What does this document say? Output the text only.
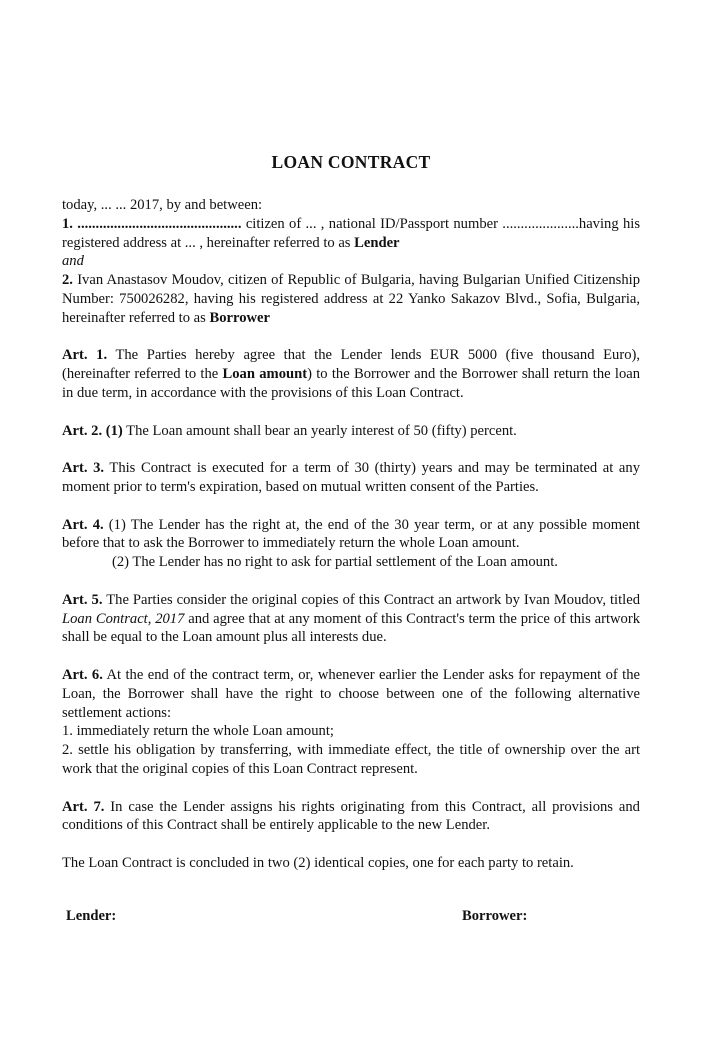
LOAN CONTRACT

today, ... ... 2017, by and between:

1. ............................................. citizen of ... , national ID/Passport number .....................having his registered address at ... , hereinafter referred to as Lender

and

2. Ivan Anastasov Moudov, citizen of Republic of Bulgaria, having Bulgarian Unified Citizenship Number: 750026282, having his registered address at 22 Yanko Sakazov Blvd., Sofia, Bulgaria, hereinafter referred to as Borrower

Art. 1. The Parties hereby agree that the Lender lends EUR 5000 (five thousand Euro), (hereinafter referred to the Loan amount) to the Borrower and the Borrower shall return the loan in due term, in accordance with the provisions of this Loan Contract.

Art. 2. (1) The Loan amount shall bear an yearly interest of 50 (fifty) percent.

Art. 3. This Contract is executed for a term of 30 (thirty) years and may be terminated at any moment prior to term's expiration, based on mutual written consent of the Parties.

Art. 4. (1) The Lender has the right at, the end of the 30 year term, or at any possible moment before that to ask the Borrower to immediately return the whole Loan amount.

(2) The Lender has no right to ask for partial settlement of the Loan amount.

Art. 5. The Parties consider the original copies of this Contract an artwork by Ivan Moudov, titled Loan Contract, 2017 and agree that at any moment of this Contract's term the price of this artwork shall be equal to the Loan amount plus all interests due.

Art. 6. At the end of the contract term, or, whenever earlier the Lender asks for repayment of the Loan, the Borrower shall have the right to choose between one of the following alternative settlement actions:

1. immediately return the whole Loan amount;

2. settle his obligation by transferring, with immediate effect, the title of ownership over the art work that the original copies of this Loan Contract represent.

Art. 7. In case the Lender assigns his rights originating from this Contract, all provisions and conditions of this Contract shall be entirely applicable to the new Lender.

The Loan Contract is concluded in two (2) identical copies, one for each party to retain.

Lender:	Borrower:
